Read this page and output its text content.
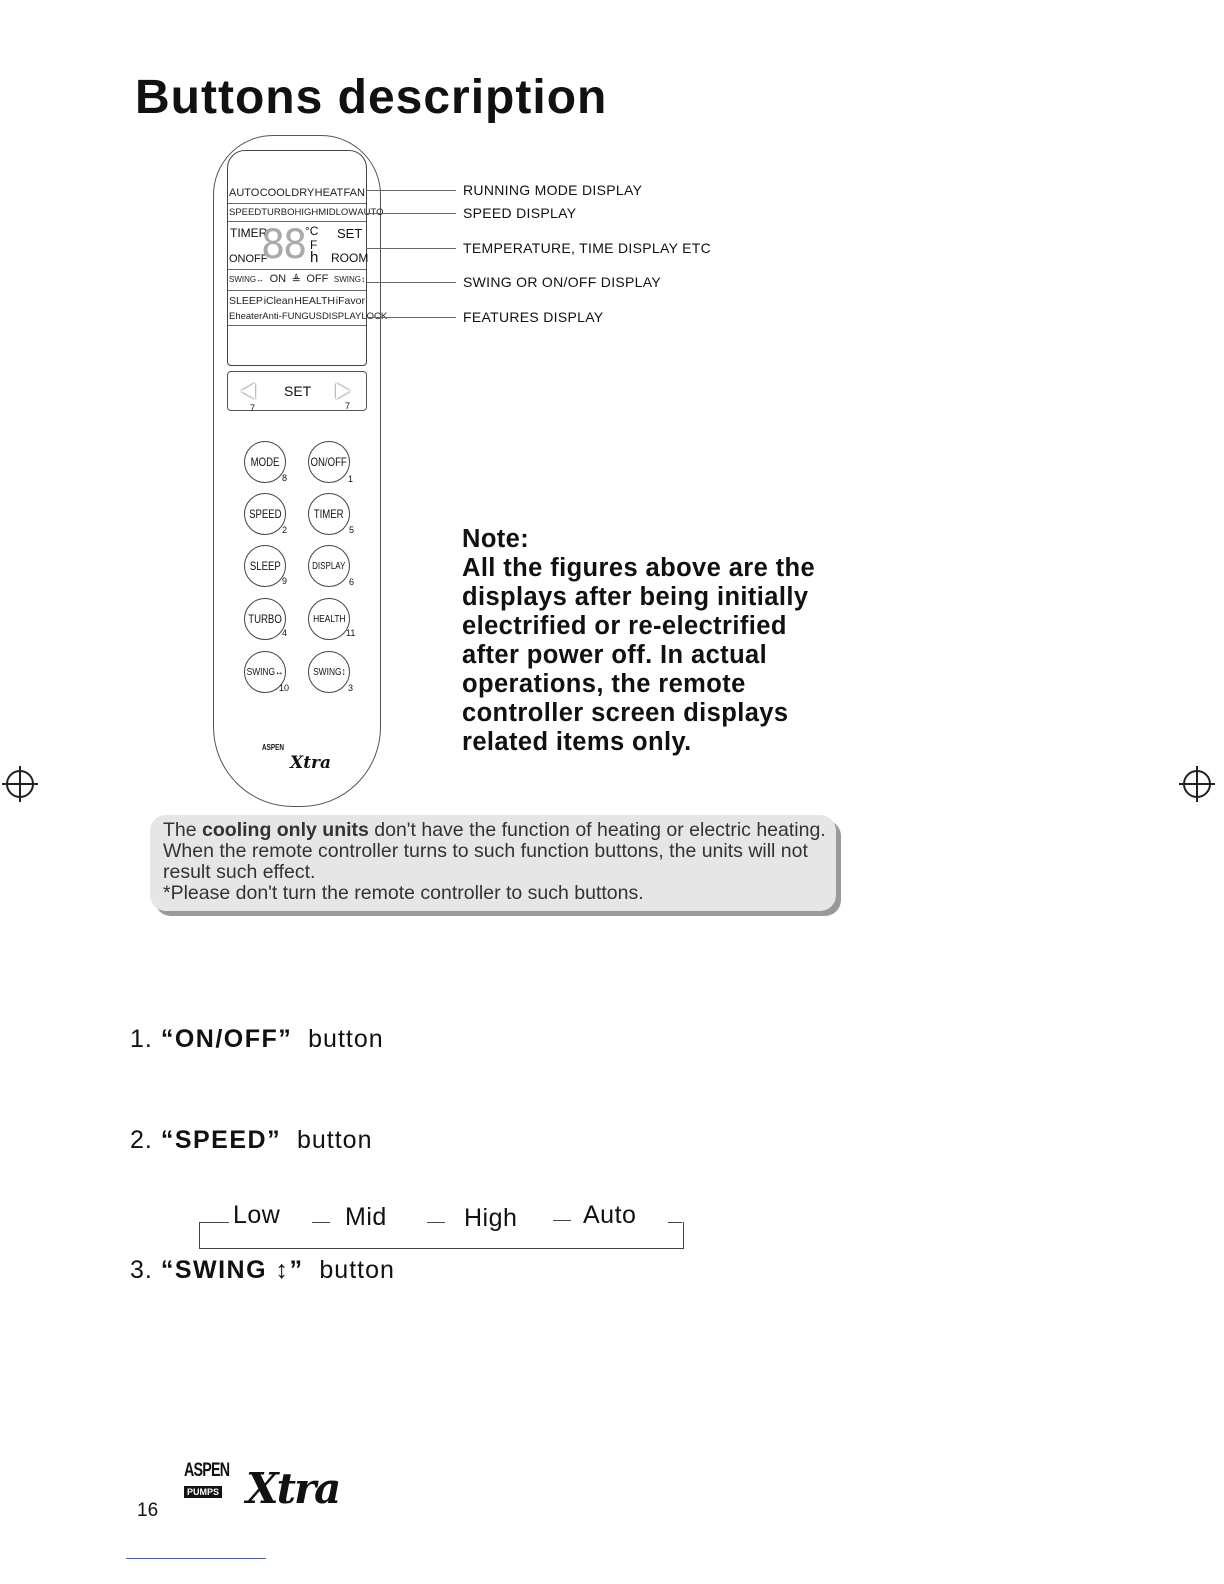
Buttons description
AUTO COOL DRY HEAT FAN
SPEED TURBO HIGH MID LOW AUTO
TIMER	SET
ONOFF	ROOM
88 °C
F
h
SWING↔ ON ≜ OFF SWING↕
SLEEP iClean HEALTH iFavor
Eheater Anti-FUNGUS DISPLAY LOCK
RUNNING MODE DISPLAY
SPEED DISPLAY
TEMPERATURE, TIME DISPLAY ETC
SWING OR ON/OFF DISPLAY
FEATURES DISPLAY
SET
7	7
MODE
8
ON/OFF
1
SPEED
2
TIMER
5
SLEEP
9
DISPLAY
6
TURBO
4
HEALTH
11
SWING↔
10
SWING↕
3
ASPEN
Xtra
Note:
All the figures above are the displays after being initially electrified or re-electrified after power off. In actual operations, the remote controller screen displays related items only.
The cooling only units don't have the function of heating or electric heating. When the remote controller turns to such function buttons, the units will not result such effect.
*Please don't turn the remote controller to such buttons.
1. “ON/OFF” button
2. “SPEED” button
Low	Mid	High	Auto
3. “SWING ↕” button
16
ASPEN
PUMPS Xtra
